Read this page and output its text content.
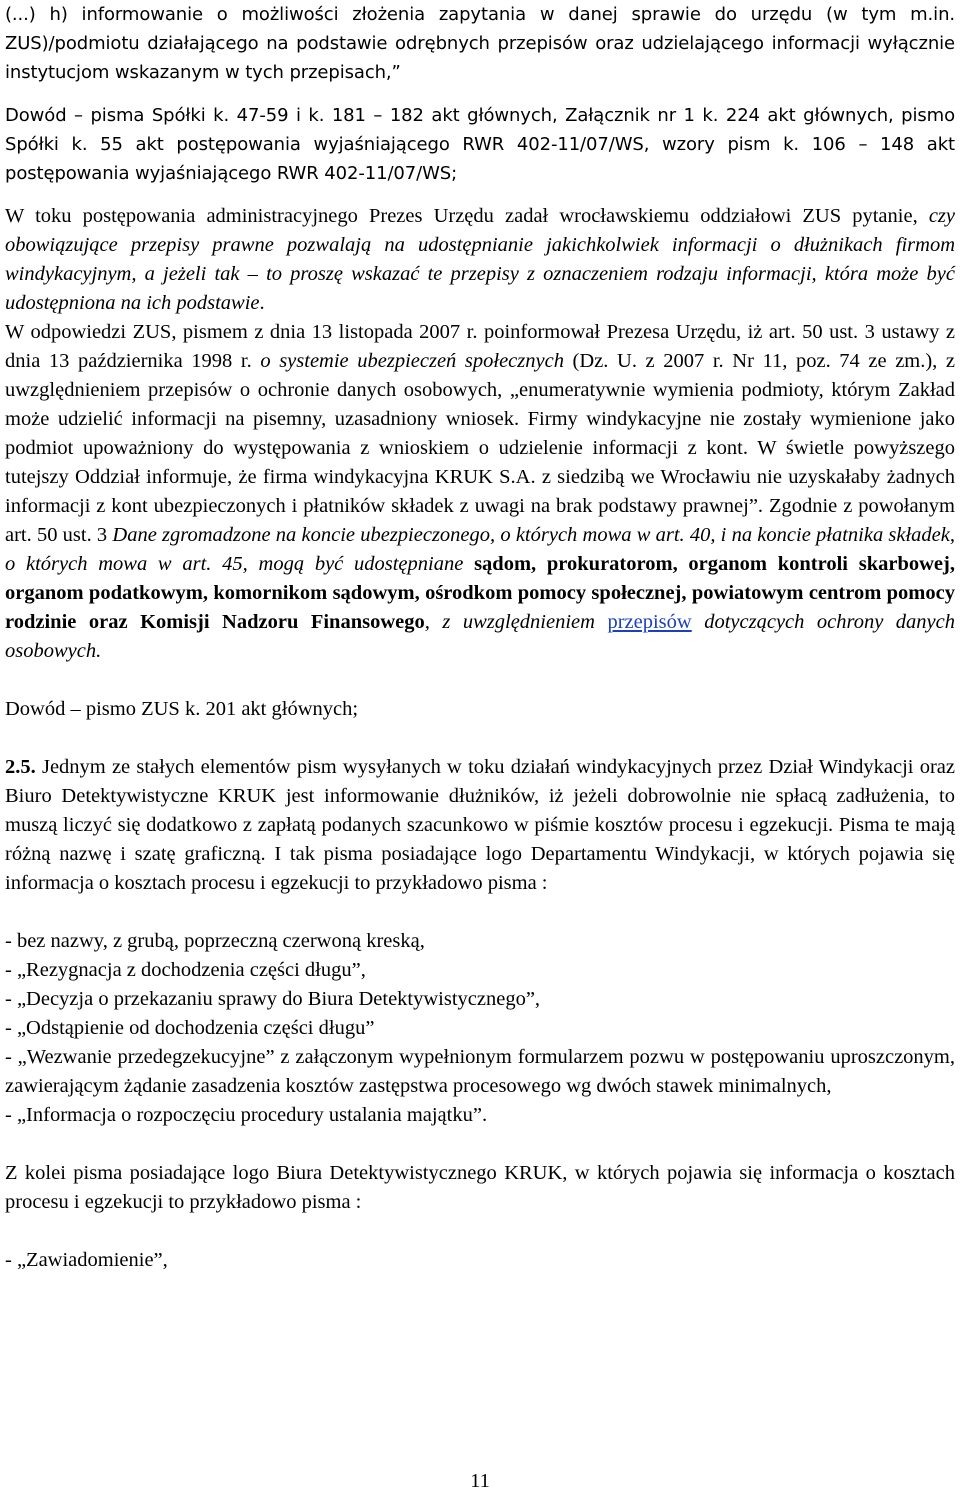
(...) h) informowanie o możliwości złożenia zapytania w danej sprawie do urzędu (w tym m.in. ZUS)/podmiotu działającego na podstawie odrębnych przepisów oraz udzielającego informacji wyłącznie instytucjom wskazanym w tych przepisach,”

Dowód – pisma Spółki k. 47-59 i k. 181 – 182 akt głównych, Załącznik nr 1 k. 224 akt głównych, pismo Spółki k. 55 akt postępowania wyjaśniającego RWR 402-11/07/WS, wzory pism k. 106 – 148 akt postępowania wyjaśniającego RWR 402-11/07/WS;

W toku postępowania administracyjnego Prezes Urzędu zadał wrocławskiemu oddziałowi ZUS pytanie, czy obowiązujące przepisy prawne pozwalają na udostępnianie jakichkolwiek informacji o dłużnikach firmom windykacyjnym, a jeżeli tak – to proszę wskazać te przepisy z oznaczeniem rodzaju informacji, która może być udostępniona na ich podstawie.

W odpowiedzi ZUS, pismem z dnia 13 listopada 2007 r. poinformował Prezesa Urzędu, iż art. 50 ust. 3 ustawy z dnia 13 października 1998 r. o systemie ubezpieczeń społecznych (Dz. U. z 2007 r. Nr 11, poz. 74 ze zm.), z uwzględnieniem przepisów o ochronie danych osobowych, „enumeratywnie wymienia podmioty, którym Zakład może udzielić informacji na pisemny, uzasadniony wniosek. Firmy windykacyjne nie zostały wymienione jako podmiot upoważniony do występowania z wnioskiem o udzielenie informacji z kont. W świetle powyższego tutejszy Oddział informuje, że firma windykacyjna KRUK S.A. z siedzibą we Wrocławiu nie uzyskałaby żadnych informacji z kont ubezpieczonych i płatników składek z uwagi na brak podstawy prawnej”. Zgodnie z powołanym art. 50 ust. 3 Dane zgromadzone na koncie ubezpieczonego, o których mowa w art. 40, i na koncie płatnika składek, o których mowa w art. 45, mogą być udostępniane sądom, prokuratorom, organom kontroli skarbowej, organom podatkowym, komornikom sądowym, ośrodkom pomocy społecznej, powiatowym centrom pomocy rodzinie oraz Komisji Nadzoru Finansowego, z uwzględnieniem przepisów dotyczących ochrony danych osobowych.

Dowód – pismo ZUS k. 201 akt głównych;

2.5. Jednym ze stałych elementów pism wysyłanych w toku działań windykacyjnych przez Dział Windykacji oraz Biuro Detektywistyczne KRUK jest informowanie dłużników, iż jeżeli dobrowolnie nie spłacą zadłużenia, to muszą liczyć się dodatkowo z zapłatą podanych szacunkowo w piśmie kosztów procesu i egzekucji. Pisma te mają różną nazwę i szatę graficzną. I tak pisma posiadające logo Departamentu Windykacji, w których pojawia się informacja o kosztach procesu i egzekucji to przykładowo pisma :

- bez nazwy, z grubą, poprzeczną czerwoną kreską,

- „Rezygnacja z dochodzenia części długu”,

- „Decyzja o przekazaniu sprawy do Biura Detektywistycznego”,

- „Odstąpienie od dochodzenia części długu”

- „Wezwanie przedegzekucyjne” z załączonym wypełnionym formularzem pozwu w postępowaniu uproszczonym, zawierającym żądanie zasadzenia kosztów zastępstwa procesowego wg dwóch stawek minimalnych,

- „Informacja o rozpoczęciu procedury ustalania majątku”.

Z kolei pisma posiadające logo Biura Detektywistycznego KRUK, w których pojawia się informacja o kosztach procesu i egzekucji to przykładowo pisma :

- „Zawiadomienie”,

11
